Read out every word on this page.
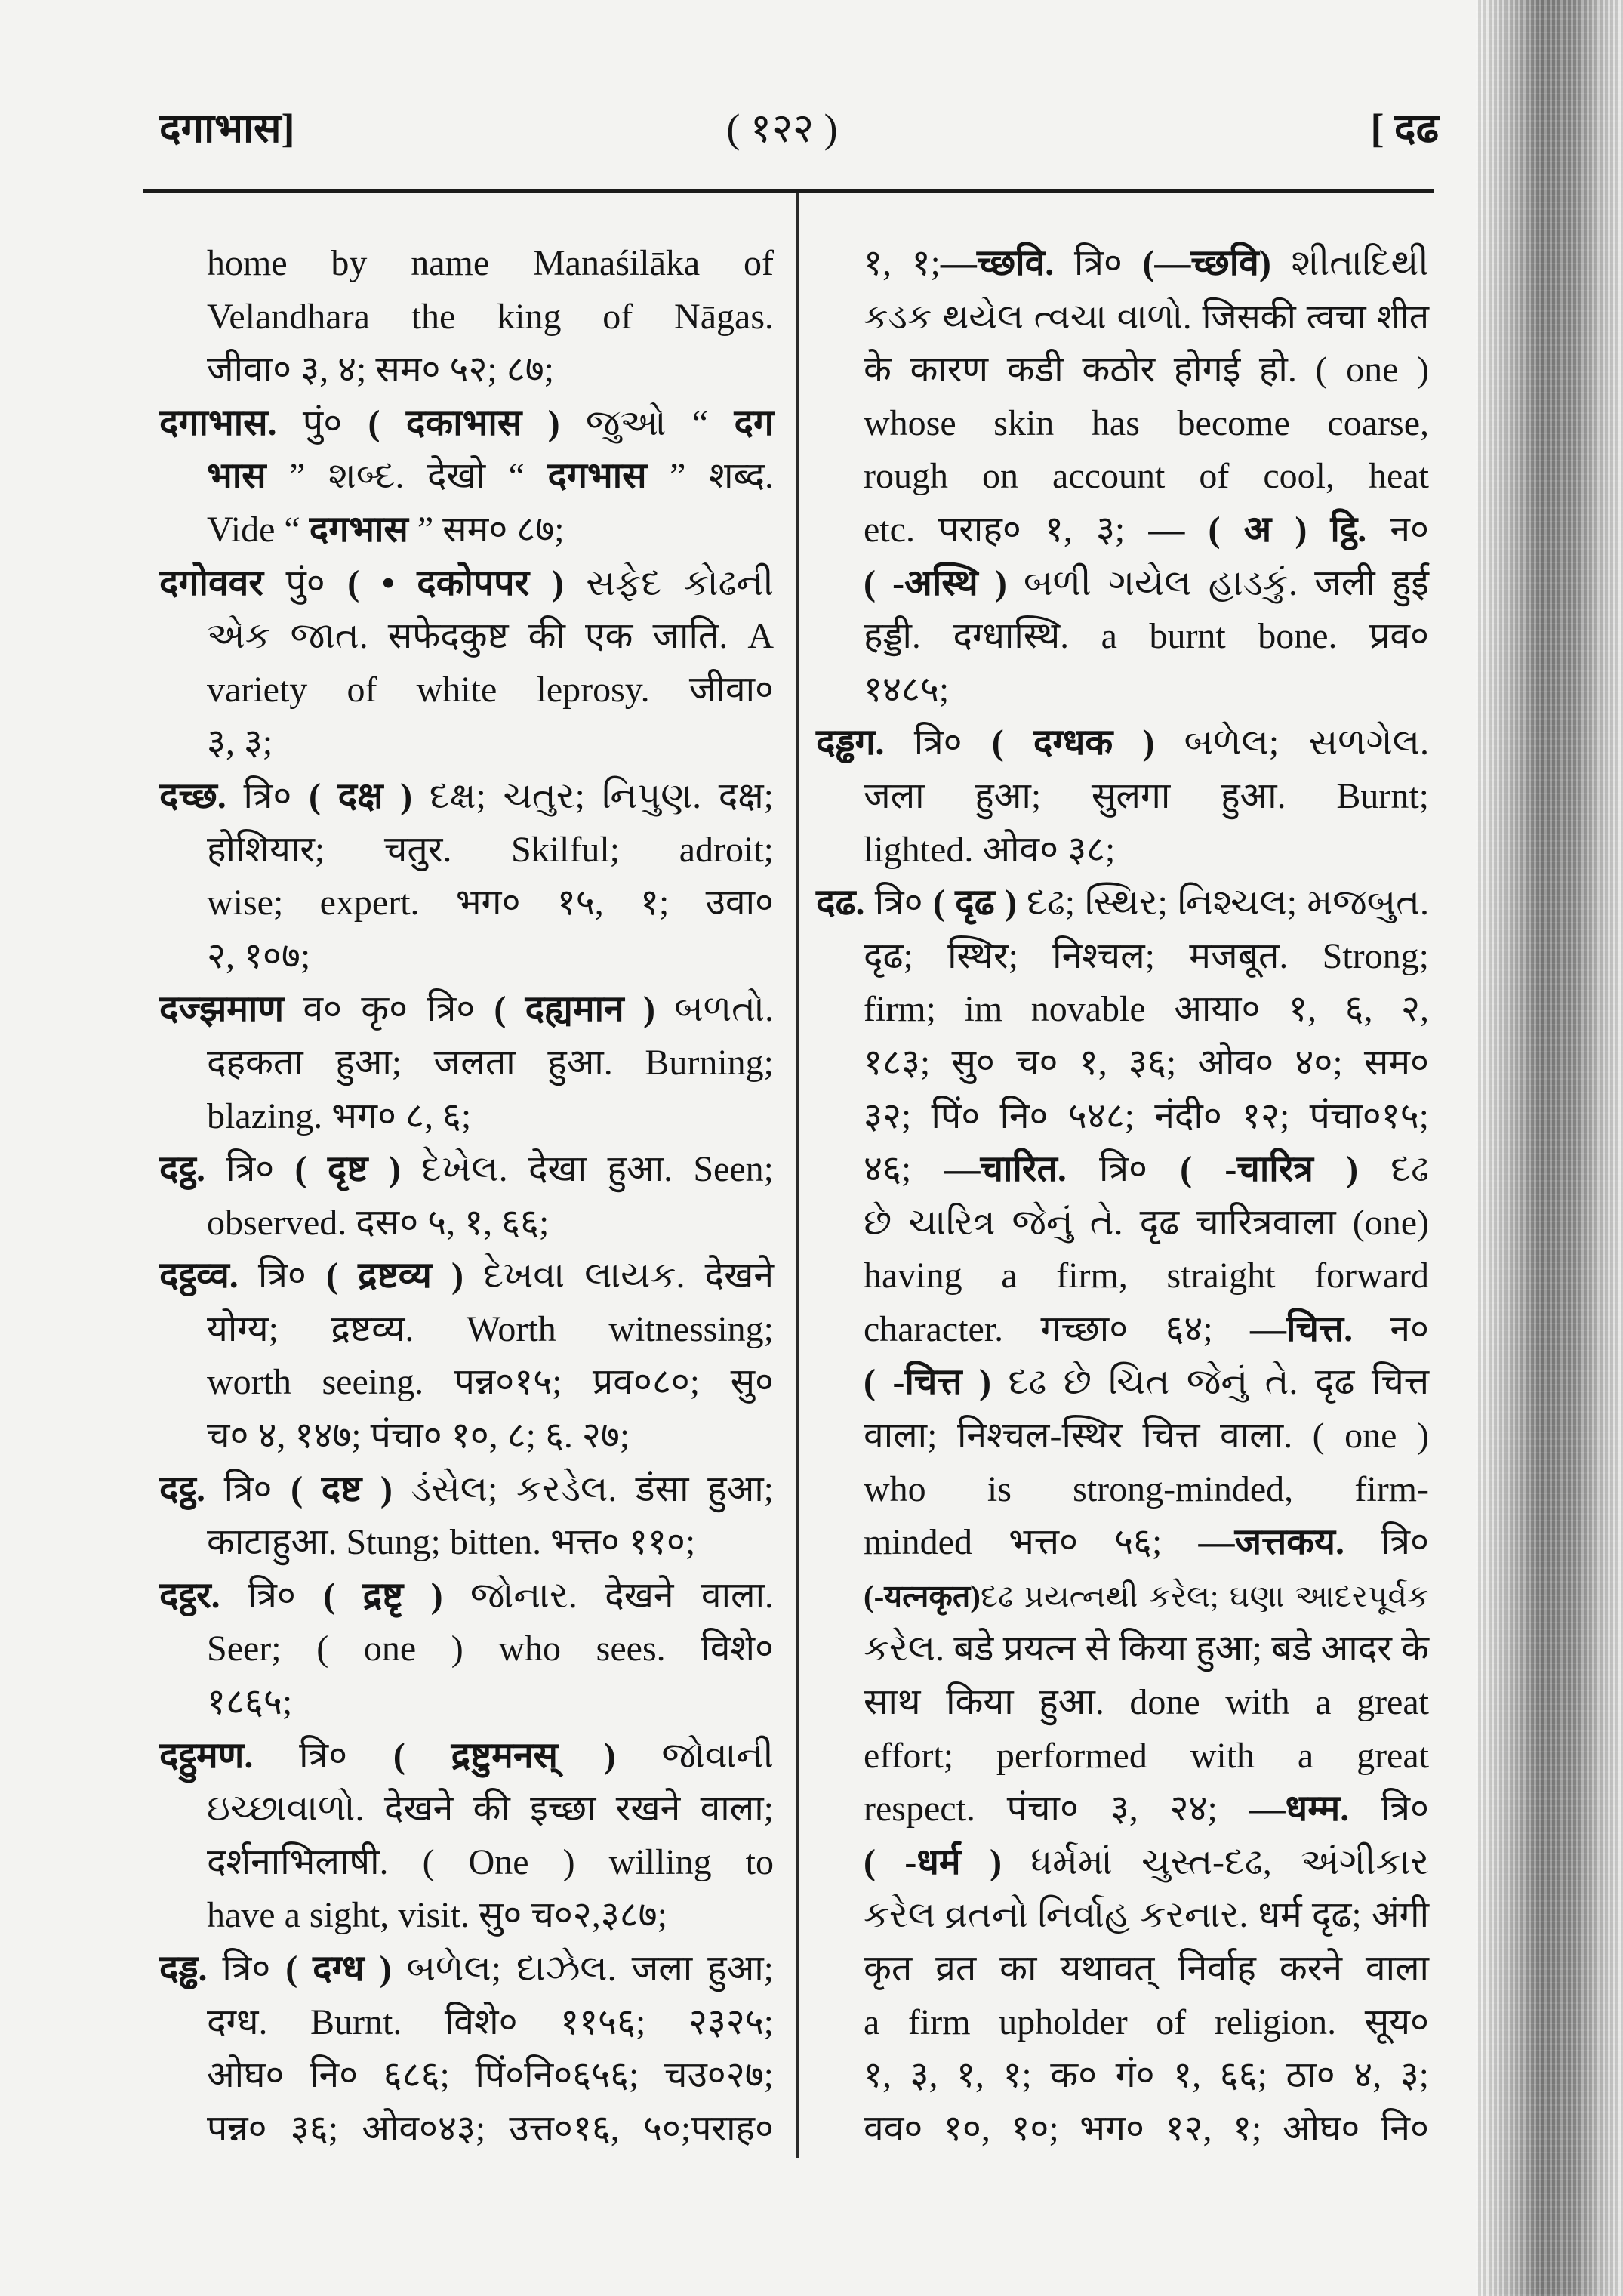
दगाभास]	( १२२ )	[ दढ
home by name Manaśilāka of
Velandhara the king of Nāgas.
जीवा० ३, ४; सम० ५२; ८७;
दगाभास. पुं० ( दकाभास ) જુઓ “ दग
भास ” શબ્દ. देखो “ दगभास ” शब्द.
Vide “ दगभास ” सम० ८७;
दगोववर पुं० ( • दकोपपर ) સફેદ કોઢની
એક જાત. सफेदकुष्ट की एक जाति. A
variety of white leprosy. जीवा०
३, ३;
दच्छ. त्रि० ( दक्ष ) દક્ષ; ચતુર; નિપુણ. दक्ष;
होशियार; चतुर. Skilful; adroit;
wise; expert. भग० १५, १; उवा०
२, १०७;
दज्झमाण व० कृ० त्रि० ( दह्यमान ) બળતો.
दहकता हुआ; जलता हुआ. Burning;
blazing. भग० ८, ६;
दट्ठ. त्रि० ( दृष्ट ) દેખેલ. देखा हुआ. Seen;
observed. दस० ५, १, ६६;
दट्ठव्व. त्रि० ( द्रष्टव्य ) દેખવા લાયક. देखने
योग्य; द्रष्टव्य. Worth witnessing;
worth seeing. पन्न०१५; प्रव०८०; सु०
च० ४, १४७; पंचा० १०, ८; ६. २७;
दट्ठ. त्रि० ( दष्ट ) ડંસેલ; કરડેલ. डंसा हुआ;
काटाहुआ. Stung; bitten. भत्त० ११०;
दट्ठर. त्रि० ( द्रष्टृ ) જોનાર. देखने वाला.
Seer; ( one ) who sees. विशे०
१८६५;
दट्ठुमण. त्रि० ( द्रष्टुमनस् ) જોવાની
ઇચ્છાવાળો. देखने की इच्छा रखने वाला;
दर्शनाभिलाषी. ( One ) willing to
have a sight, visit. सु० च०२,३८७;
दड्ढ. त्रि० ( दग्ध ) બળેલ; દાઝેલ. जला हुआ;
दग्ध. Burnt. विशे० ११५६; २३२५;
ओघ० नि० ६८६; पिं०नि०६५६; चउ०२७;
पन्न० ३६; ओव०४३; उत्त०१६, ५०;पराह०
१, १;—च्छवि. त्रि० (—च्छवि) શીતાદિથી
કડક થયેલ ત્વચા વાળો. जिसकी त्वचा शीत
के कारण कडी कठोर होगई हो. ( one )
whose skin has become coarse,
rough on account of cool, heat
etc. पराह० १, ३; — ( अ ) ट्ठि. न०
( -अस्थि ) બળી ગયેલ હાડકું. जली हुई
हड्डी. दग्धास्थि. a burnt bone. प्रव०
१४८५;
दड्ढग. त्रि० ( दग्धक ) બળેલ; સળગેલ.
जला हुआ; सुलगा हुआ. Burnt;
lighted. ओव० ३८;
दढ. त्रि० ( दृढ ) દઢ; સ્થિર; નિશ્ચલ; મજબુત.
दृढ; स्थिर; निश्चल; मजबूत. Strong;
firm; im novable आया० १, ६, २,
१८३; सु० च० १, ३६; ओव० ४०; सम०
३२; पिं० नि० ५४८; नंदी० १२; पंचा०१५;
४६; —चारित. त्रि० ( -चारित्र ) દઢ
છે ચારિત્ર જેનું તે. दृढ चारित्रवाला (one)
having a firm, straight forward
character. गच्छा० ६४; —चित्त. न०
( -चित्त ) દઢ છે ચિત જેનું તે. दृढ चित्त
वाला; निश्चल-स्थिर चित्त वाला. ( one )
who is strong-minded, firm-
minded भत्त० ५६; —जत्तकय. त्रि०
(-यत्नकृत)દઢ પ્રયત્નથી કરેલ; ઘણા આદરપૂર્વક
કરેલ. बडे प्रयत्न से किया हुआ; बडे आदर के
साथ किया हुआ. done with a great
effort; performed with a great
respect. पंचा० ३, २४; —धम्म. त्रि०
( -धर्म ) ધર્મમાં ચુસ્ત-દઢ, અંગીકાર
કરેલ વ્રતનો નિર્વાહ કરનાર. धर्म दृढ; अंगी
कृत व्रत का यथावत् निर्वाह करने वाला
a firm upholder of religion. सूय०
१, ३, १, १; क० गं० १, ६६; ठा० ४, ३;
वव० १०, १०; भग० १२, १; ओघ० नि०
